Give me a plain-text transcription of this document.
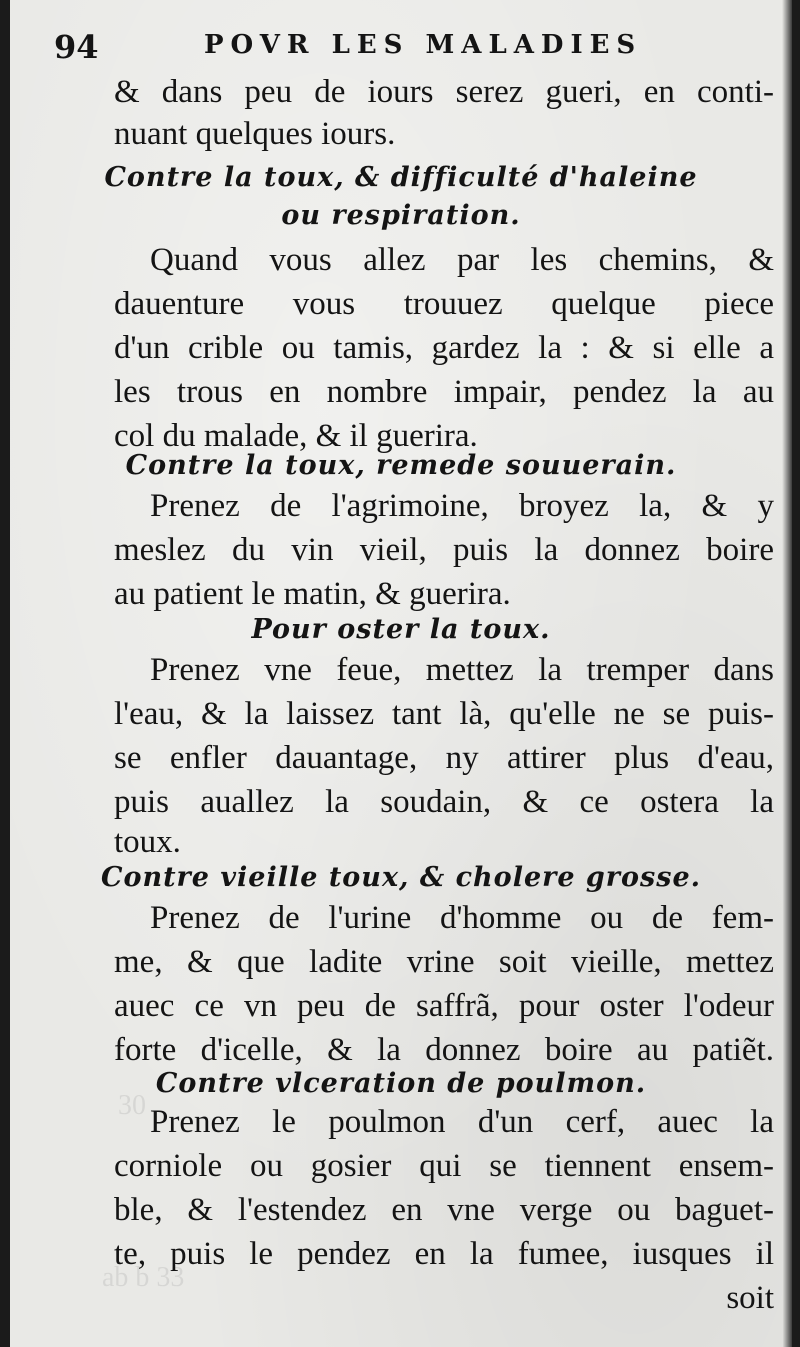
30
ab b 33
94	POVR LES MALADIES
& dans peu de iours serez gueri, en conti-
nuant quelques iours.
Contre la toux, & difficulté d'haleine
ou respiration.
Quand vous allez par les chemins, &
dauenture vous trouuez quelque piece
d'un crible ou tamis, gardez la : & si elle a
les trous en nombre impair, pendez la au
col du malade, & il guerira.
Contre la toux, remede souuerain.
Prenez de l'agrimoine, broyez la, & y
meslez du vin vieil, puis la donnez boire
au patient le matin, & guerira.
Pour oster la toux.
Prenez vne feue, mettez la tremper dans
l'eau, & la laissez tant là, qu'elle ne se puis-
se enfler dauantage, ny attirer plus d'eau,
puis auallez la soudain, & ce ostera la
toux.
Contre vieille toux, & cholere grosse.
Prenez de l'urine d'homme ou de fem-
me, & que ladite vrine soit vieille, mettez
auec ce vn peu de saffrã, pour oster l'odeur
forte d'icelle, & la donnez boire au patiẽt.
Contre vlceration de poulmon.
Prenez le poulmon d'un cerf, auec la
corniole ou gosier qui se tiennent ensem-
ble, & l'estendez en vne verge ou baguet-
te, puis le pendez en la fumee, iusques il
soit
